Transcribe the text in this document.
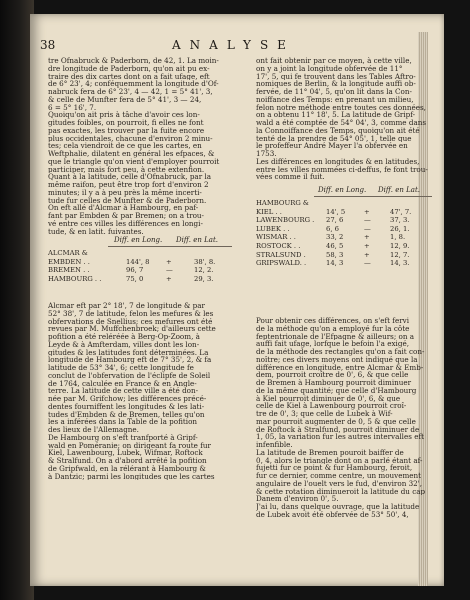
38	ANALYSE
tre Ofnabruck & Paderborn, de 42, 1. La moin-
dre longitude de Paderborn, qu'on ait pu ex-
traire des dix cartes dont on a fait ufage, eft
de 6° 23', 4; conféquemment la longitude d'Of-
nabruck fera de 6° 23', 4 — 42, 1 = 5° 41', 3,
& celle de Munfter fera de 5° 41', 3 — 24,
6 = 5° 16', 7.
Quoiqu'on ait pris à tâche d'avoir ces lon-
gitudes foibles, on pourroit, fi elles ne font
pas exactes, les trouver par la fuite encore
plus occidentales, chacune d'environ 2 minu-
tes; cela viendroit de ce que les cartes, en
Weftphalie, dilatent en général les efpaces, &
que le triangle qu'on vient d'employer pourroit
participer, mais fort peu, à cette extenfion.
Quant à la latitude, celle d'Ofnabruck, par la
même raifon, peut être trop fort d'environ 2
minutes; il y a à peu près la même incerti-
tude fur celles de Munfter & de Paderborn.
On eft allé d'Alcmar à Hambourg, en paf-
fant par Embden & par Bremen; on a trou-
vé entre ces villes les différences en longi-
tude, & en latit. fuivantes.
Diff. en Long. Diff. en Lat.
ALCMAR &
EMBDEN . .	144', 8 +	38', 8.
BREMEN . .	96, 7	—	12, 2.
HAMBOURG . .	75, 0	+	29, 3.
Alcmar eft par 2° 18', 7 de longitude & par
52° 38', 7 de latitude, felon les mefures & les
obfervations de Snellius; ces mefures ont été
revues par M. Muffchenbroek; d'ailleurs cette
pofition a été reléréée à Berg-Op-Zoom, à
Leyde & à Amfterdam, villes dont les lon-
gitudes & les latitudes font déterminées. La
longitude de Hambourg eft de 7° 35', 2, & fa
latitude de 53° 34', 6; cette longitude fe
conclut de l'obfervation de l'éclipfe de Soleil
de 1764, calculée en France & en Angle-
terre. La latitude de cette ville a été don-
née par M. Grifchow; les différences précé-
dentes fourniffent les longitudes & les lati-
tudes d'Embden & de Bremen, telles qu'on
les a inférées dans la Table de la pofition
des lieux de l'Allemagne.
De Hambourg on s'eft tranfporté à Gripf-
wald en Poméranie; on dirigeant fa route fur
Kiel, Lawenbourg, Lubek, Wifmar, Roftock
& Stralfund. On a d'abord arrêté la pofition
de Gripfwald, en la rélérant à Hambourg &
à Dantzic; parmi les longitudes que les cartes
ont fait obtenir par ce moyen, à cette ville,
on y a joint la longitude obfervée de 11°
17', 5, qui fe trouvent dans les Tables Aftro-
nomiques de Berlin, & la longitude auffi ob-
fervée, de 11° 04', 5, qu'on lit dans la Con-
noiffance des Temps: en prenant un milieu,
felon notre méthode entre toutes ces données,
on a obtenu 11° 18', 5. La latitude de Gripf-
wald a été comptée de 54° 04', 3, comme dans
la Connoiffance des Temps, quoiqu'on ait été
tenté de la prendre de 54° 05', 1, telle que
le profeffeur André Mayer l'a obfervée en
1753.
Les différences en longitudes & en latitudes,
entre les villes nommées ci-deffus, fe font trou-
vées comme il fuit.
Diff. en Long. Diff. en Lat.
HAMBOURG &
KIEL . .	14', 5	+	47', 7.
LAWENBOURG . 27, 6	—	37, 3.
LUBEK . .	6, 6	—	26, 1.
WISMAR . .	33, 2	+	1, 8.
ROSTOCK . .	46, 5	+	12, 9.
STRALSUND .	58, 3	+	12, 7.
GRIPSWALD. .	14, 3	—	14, 3.
Pour obtenir ces différences, on s'eft fervi
de la méthode qu'on a employé fur la côte
feptentrionale de l'Efpagne & ailleurs; on a
auffi fait ufage, lorfque le befoin l'a exigé,
de la méthode des rectangles qu'on a fait con-
noître; ces divers moyens ont indiqué que la
différence en longitude, entre Alcmar & Emb-
dem, pourroit croître de 0', 6, & que celle
de Bremen à Hambourg pourroit diminuer
de la même quantité; que celle d'Hambourg
à Kiel pourroit diminuer de 0', 6, & que
celle de Kiel à Lawenbourg pourroit croî-
tre de 0', 3; que celle de Lubek à Wif-
mar pourroit augmenter de 0, 5 & que celle
de Roftock à Stralfund, pourroit diminuer de
1, 05, la variation fur les autres intervalles eft
infenfible.
La latitude de Bremen pouroit baiffer de
0, 4, alors le triangle dont on a parlé étant af-
fujetti fur ce point & fur Hambourg, feroit,
fur ce dernier, comme centre, un mouvement
angulaire de l'ouelt vers le fud, d'environ 32',
& cette rotation diminueroit la latitude du cap
Danem d'environ 0', 5.
J'ai lu, dans quelque ouvrage, que la latitude
de Lubek avoit été obfervée de 53° 50', 4,
